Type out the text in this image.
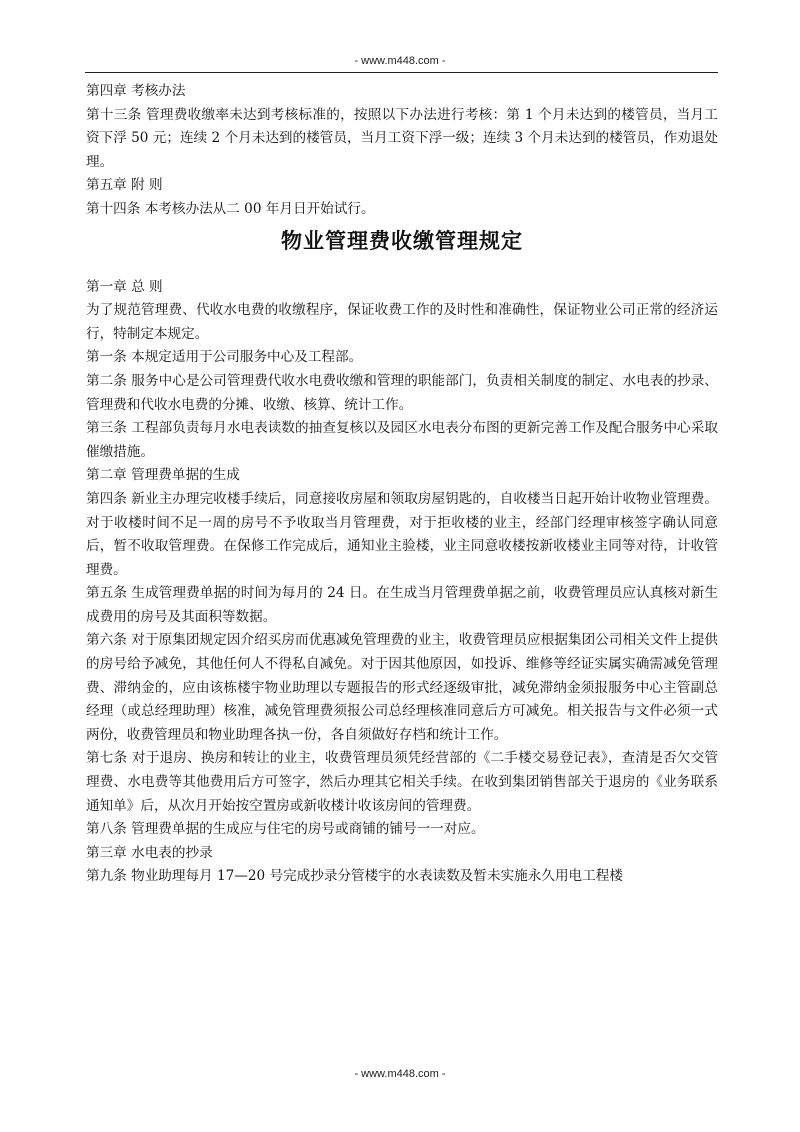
- www.m448.com -

第四章 考核办法

第十三条 管理费收缴率未达到考核标准的，按照以下办法进行考核：第 1 个月未达到的楼管员，当月工资下浮 50 元；连续 2 个月未达到的楼管员，当月工资下浮一级；连续 3 个月未达到的楼管员，作劝退处理。

第五章 附 则

第十四条 本考核办法从二 00 年月日开始试行。

物业管理费收缴管理规定

第一章 总 则

为了规范管理费、代收水电费的收缴程序，保证收费工作的及时性和准确性，保证物业公司正常的经济运行，特制定本规定。

第一条 本规定适用于公司服务中心及工程部。

第二条 服务中心是公司管理费代收水电费收缴和管理的职能部门，负责相关制度的制定、水电表的抄录、管理费和代收水电费的分摊、收缴、核算、统计工作。

第三条 工程部负责每月水电表读数的抽查复核以及园区水电表分布图的更新完善工作及配合服务中心采取催缴措施。

第二章 管理费单据的生成

第四条 新业主办理完收楼手续后，同意接收房屋和领取房屋钥匙的，自收楼当日起开始计收物业管理费。对于收楼时间不足一周的房号不予收取当月管理费，对于拒收楼的业主，经部门经理审核签字确认同意后，暂不收取管理费。在保修工作完成后，通知业主验楼，业主同意收楼按新收楼业主同等对待，计收管理费。

第五条 生成管理费单据的时间为每月的 24 日。在生成当月管理费单据之前，收费管理员应认真核对新生成费用的房号及其面积等数据。

第六条 对于原集团规定因介绍买房而优惠减免管理费的业主，收费管理员应根据集团公司相关文件上提供的房号给予减免，其他任何人不得私自减免。对于因其他原因，如投诉、维修等经证实属实确需减免管理费、滞纳金的，应由该栋楼宇物业助理以专题报告的形式经逐级审批，减免滞纳金须报服务中心主管副总经理（或总经理助理）核准，减免管理费须报公司总经理核准同意后方可减免。相关报告与文件必须一式两份，收费管理员和物业助理各执一份，各自须做好存档和统计工作。

第七条 对于退房、换房和转让的业主，收费管理员须凭经营部的《二手楼交易登记表》，查清是否欠交管理费、水电费等其他费用后方可签字，然后办理其它相关手续。在收到集团销售部关于退房的《业务联系通知单》后，从次月开始按空置房或新收楼计收该房间的管理费。

第八条 管理费单据的生成应与住宅的房号或商铺的铺号一一对应。

第三章 水电表的抄录

第九条 物业助理每月 17—20 号完成抄录分管楼宇的水表读数及暂未实施永久用电工程楼

- www.m448.com -
